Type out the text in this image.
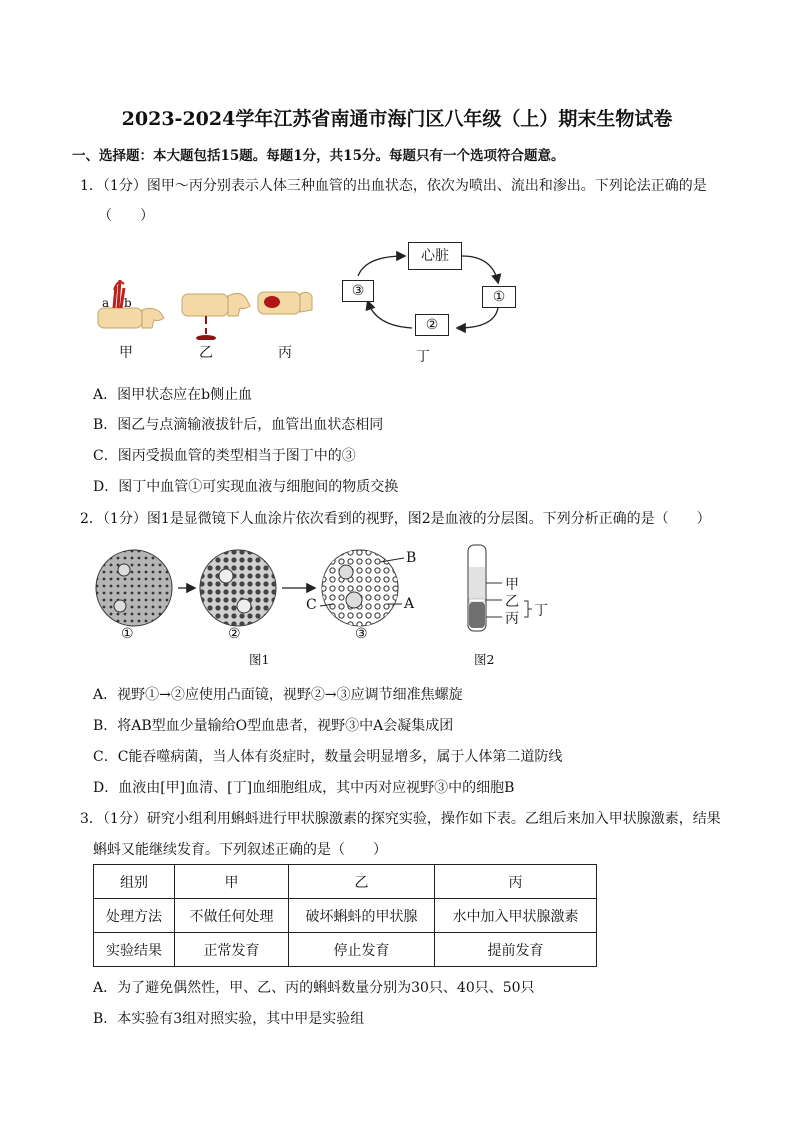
2023-2024学年江苏省南通市海门区八年级（上）期末生物试卷
一、选择题：本大题包括15题。每题1分，共15分。每题只有一个选项符合题意。
1．（1分）图甲～丙分别表示人体三种血管的出血状态，依次为喷出、流出和渗出。下列论法正确的是
（　　）
a b
甲	乙	丙
心脏
①
②
③
丁
A．图甲状态应在b侧止血
B．图乙与点滴输液拔针后，血管出血状态相同
C．图丙受损血管的类型相当于图丁中的③
D．图丁中血管①可实现血液与细胞间的物质交换
2．（1分）图1是显微镜下人血涂片依次看到的视野，图2是血液的分层图。下列分析正确的是（　　）
①	②	③
B
C	A
甲
乙
丙 丁
图1	图2
A．视野①→②应使用凸面镜，视野②→③应调节细准焦螺旋
B．将AB型血少量输给O型血患者，视野③中A会凝集成团
C．C能吞噬病菌，当人体有炎症时，数量会明显增多，属于人体第二道防线
D．血液由[甲]血清、[丁]血细胞组成，其中丙对应视野③中的细胞B
3．（1分）研究小组利用蝌蚪进行甲状腺激素的探究实验，操作如下表。乙组后来加入甲状腺激素，结果
蝌蚪又能继续发育。下列叙述正确的是（　　）
组别	甲	乙	丙
处理方法	不做任何处理	破坏蝌蚪的甲状腺	水中加入甲状腺激素
实验结果	正常发育	停止发育	提前发育
A．为了避免偶然性，甲、乙、丙的蝌蚪数量分别为30只、40只、50只
B．本实验有3组对照实验，其中甲是实验组
